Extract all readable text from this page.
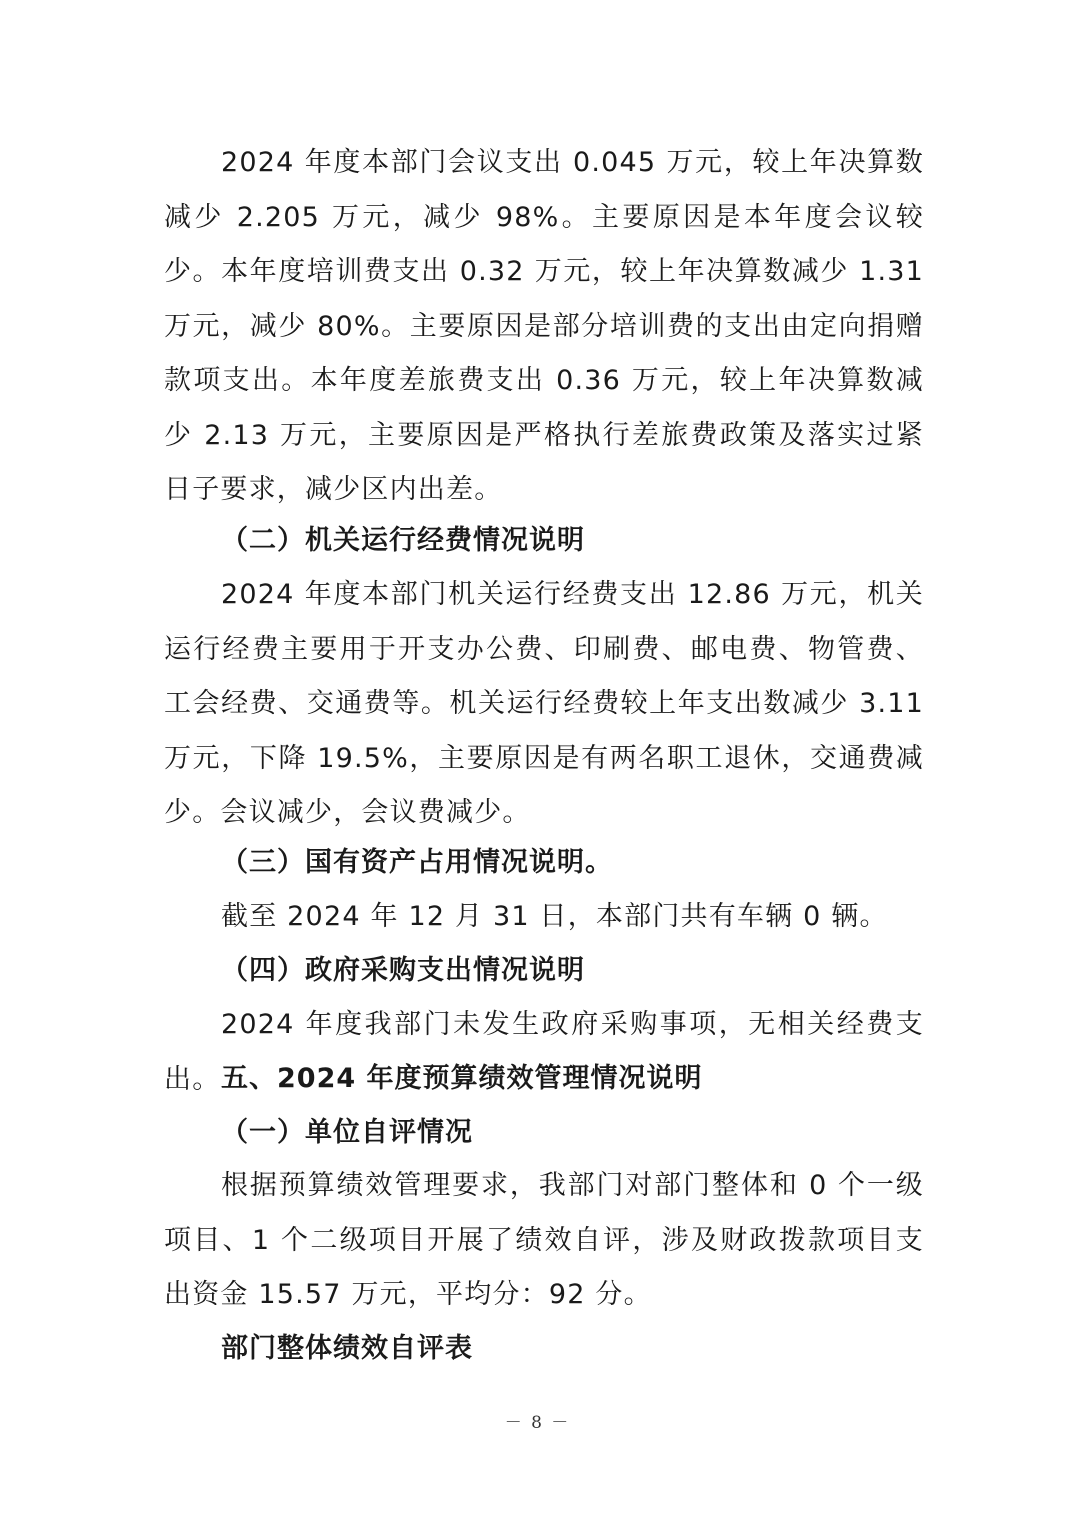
2024 年度本部门会议支出 0.045 万元，较上年决算数减少 2.205 万元，减少 98%。主要原因是本年度会议较少。本年度培训费支出 0.32 万元，较上年决算数减少 1.31 万元，减少 80%。主要原因是部分培训费的支出由定向捐赠款项支出。本年度差旅费支出 0.36 万元，较上年决算数减少 2.13 万元，主要原因是严格执行差旅费政策及落实过紧日子要求，减少区内出差。

（二）机关运行经费情况说明

2024 年度本部门机关运行经费支出 12.86 万元，机关运行经费主要用于开支办公费、印刷费、邮电费、物管费、工会经费、交通费等。机关运行经费较上年支出数减少 3.11 万元，下降 19.5%，主要原因是有两名职工退休，交通费减少。会议减少，会议费减少。

（三）国有资产占用情况说明。

截至 2024 年 12 月 31 日，本部门共有车辆 0 辆。

（四）政府采购支出情况说明

2024 年度我部门未发生政府采购事项，无相关经费支出。 五、2024 年度预算绩效管理情况说明
（一）单位自评情况

根据预算绩效管理要求，我部门对部门整体和 0 个一级项目、1 个二级项目开展了绩效自评，涉及财政拨款项目支出资金 15.57 万元，平均分：92 分。

部门整体绩效自评表
－ 8 －
